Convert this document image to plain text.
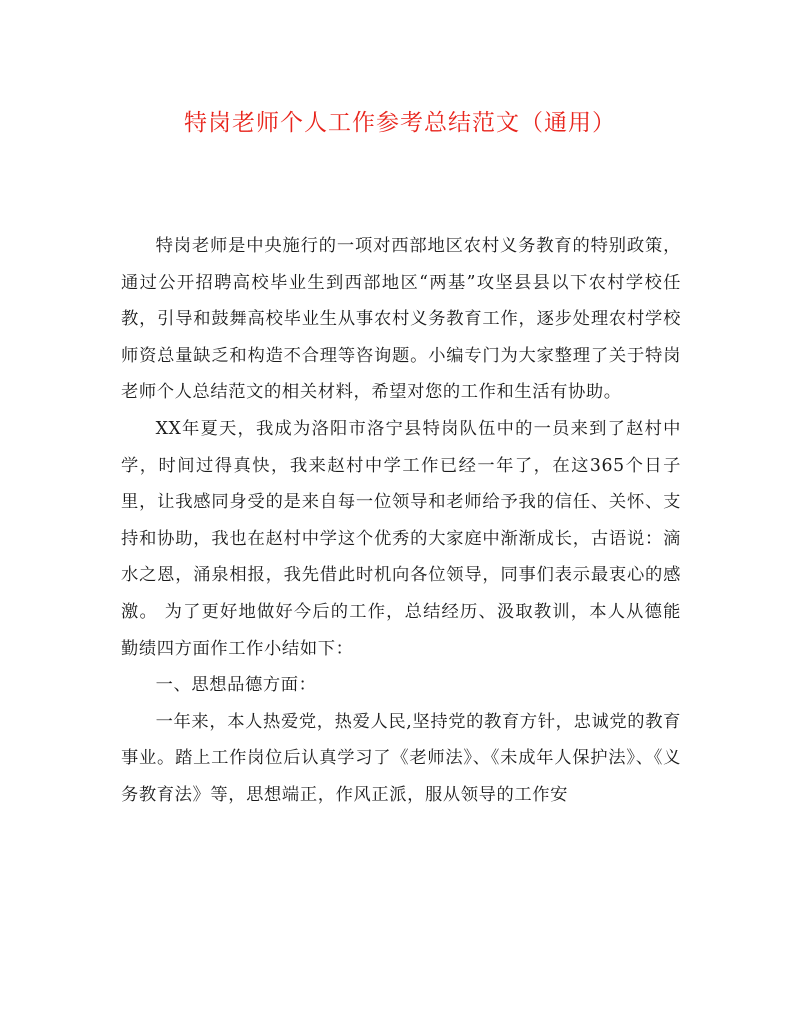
特岗老师个人工作参考总结范文（通用）

特岗老师是中央施行的一项对西部地区农村义务教育的特别政策，通过公开招聘高校毕业生到西部地区“两基”攻坚县县以下农村学校任教，引导和鼓舞高校毕业生从事农村义务教育工作，逐步处理农村学校师资总量缺乏和构造不合理等咨询题。小编专门为大家整理了关于特岗老师个人总结范文的相关材料，希望对您的工作和生活有协助。

XX年夏天，我成为洛阳市洛宁县特岗队伍中的一员来到了赵村中学，时间过得真快，我来赵村中学工作已经一年了，在这365个日子里，让我感同身受的是来自每一位领导和老师给予我的信任、关怀、支持和协助，我也在赵村中学这个优秀的大家庭中渐渐成长，古语说：滴水之恩，涌泉相报，我先借此时机向各位领导，同事们表示最衷心的感激。 为了更好地做好今后的工作，总结经历、汲取教训，本人从德能勤绩四方面作工作小结如下：

一、思想品德方面：

一年来，本人热爱党，热爱人民,坚持党的教育方针，忠诚党的教育事业。踏上工作岗位后认真学习了《老师法》、《未成年人保护法》、《义务教育法》等，思想端正，作风正派，服从领导的工作安
